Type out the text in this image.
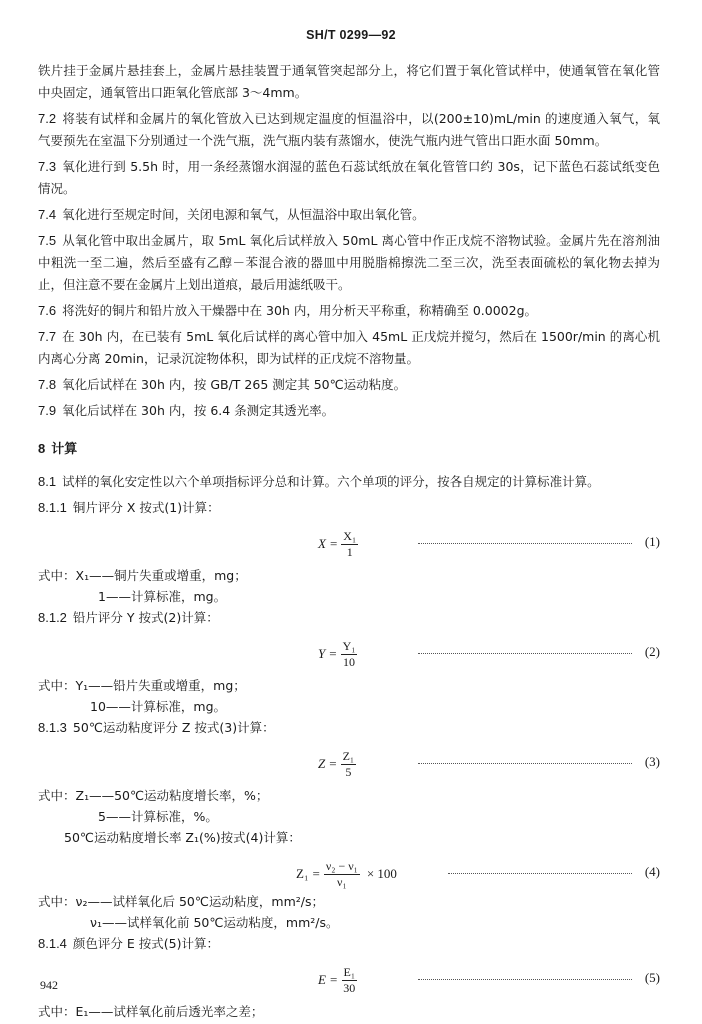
SH/T 0299—92

铁片挂于金属片悬挂套上，金属片悬挂装置于通氧管突起部分上，将它们置于氧化管试样中，使通氧管在氧化管中央固定，通氧管出口距氧化管底部 3～4mm。

7.2 将装有试样和金属片的氧化管放入已达到规定温度的恒温浴中，以(200±10)mL/min 的速度通入氧气，氧气要预先在室温下分别通过一个洗气瓶，洗气瓶内装有蒸馏水，使洗气瓶内进气管出口距水面 50mm。

7.3 氧化进行到 5.5h 时，用一条经蒸馏水润湿的蓝色石蕊试纸放在氧化管管口约 30s，记下蓝色石蕊试纸变色情况。

7.4 氧化进行至规定时间，关闭电源和氧气，从恒温浴中取出氧化管。

7.5 从氧化管中取出金属片，取 5mL 氧化后试样放入 50mL 离心管中作正戊烷不溶物试验。金属片先在溶剂油中粗洗一至二遍，然后至盛有乙醇－苯混合液的器皿中用脱脂棉擦洗二至三次，洗至表面硫松的氧化物去掉为止，但注意不要在金属片上划出道痕，最后用滤纸吸干。

7.6 将洗好的铜片和铅片放入干燥器中在 30h 内，用分析天平称重，称精确至 0.0002g。

7.7 在 30h 内，在已装有 5mL 氧化后试样的离心管中加入 45mL 正戊烷并搅匀，然后在 1500r/min 的离心机内离心分离 20min，记录沉淀物体积，即为试样的正戊烷不溶物量。

7.8 氧化后试样在 30h 内，按 GB/T 265 测定其 50℃运动粘度。

7.9 氧化后试样在 30h 内，按 6.4 条测定其透光率。

8 计算

8.1 试样的氧化安定性以六个单项指标评分总和计算。六个单项的评分，按各自规定的计算标准计算。

8.1.1 铜片评分 X 按式(1)计算：
$X = \frac{\text{X₁}}{1}$	(1)
式中：X₁——铜片失重或增重，mg；
1——计算标准，mg。
8.1.2 铅片评分 Y 按式(2)计算：
$Y = \frac{\text{Y₁}}{10}$	(2)
式中：Y₁——铅片失重或增重，mg；
10——计算标准，mg。
8.1.3 50℃运动粘度评分 Z 按式(3)计算：
$Z = \frac{\text{Z₁}}{5}$	(3)
式中：Z₁——50℃运动粘度增长率，%；
5——计算标准，%。
50℃运动粘度增长率 Z₁(%)按式(4)计算：
$Z_1 = \frac{\text{ν₂ − ν₁}}{\text{ν₁}} \times 100$	(4)
式中：ν₂——试样氧化后 50℃运动粘度，mm²/s；
ν₁——试样氧化前 50℃运动粘度，mm²/s。
8.1.4 颜色评分 E 按式(5)计算：
$E = \frac{\text{E₁}}{30}$	(5)
式中：E₁——试样氧化前后透光率之差；
942
